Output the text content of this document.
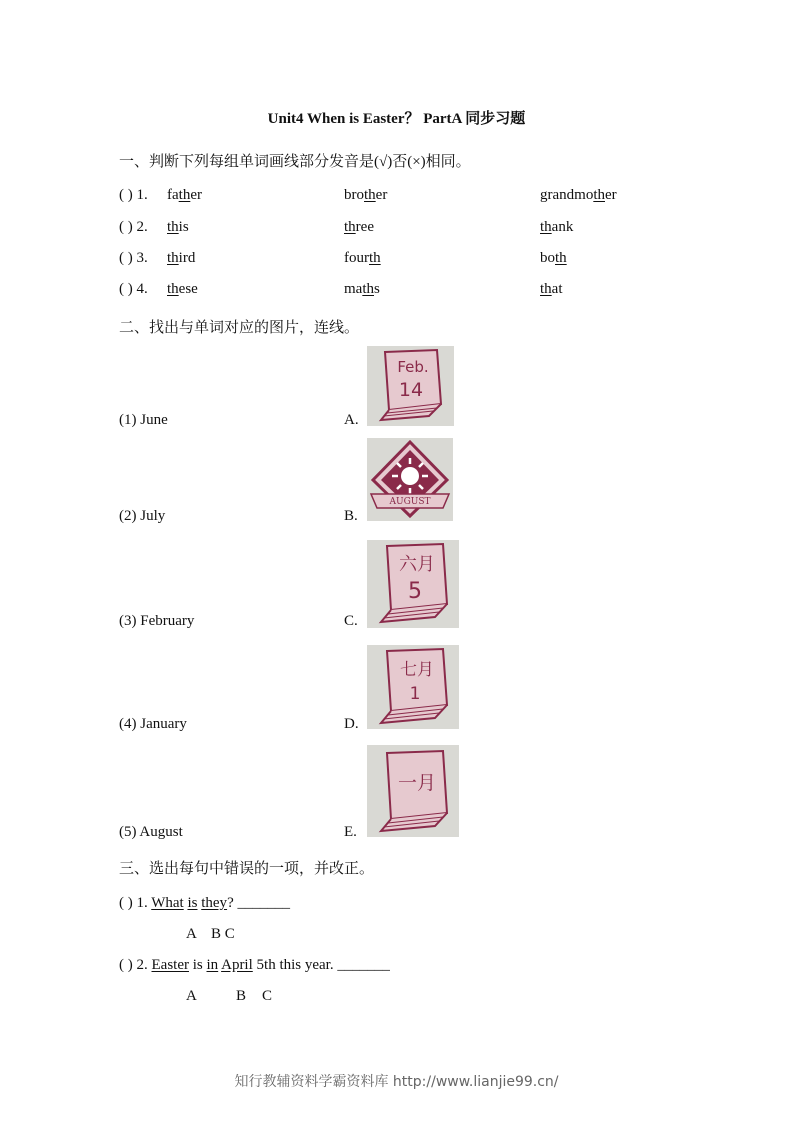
Unit4 When is Easter？ PartA 同步习题
一、判断下列每组单词画线部分发音是(√)否(×)相同。
( ) 1. father	brother	grandmother
( ) 2. this	three	thank
( ) 3. third	fourth	both
( ) 4. these	maths	that
二、找出与单词对应的图片，连线。
(1) June	A.
(2) July	B.
(3) February	C.
(4) January	D.
(5) August	E.
Feb.
14
AUGUST
六月
5
七月
1
一月
三、选出每句中错误的一项，并改正。
( ) 1. What is they? _______
A    B C
( ) 2. Easter is in April 5th this year. _______
A	B C
知行教辅资料学霸资料库 http://www.lianjie99.cn/
